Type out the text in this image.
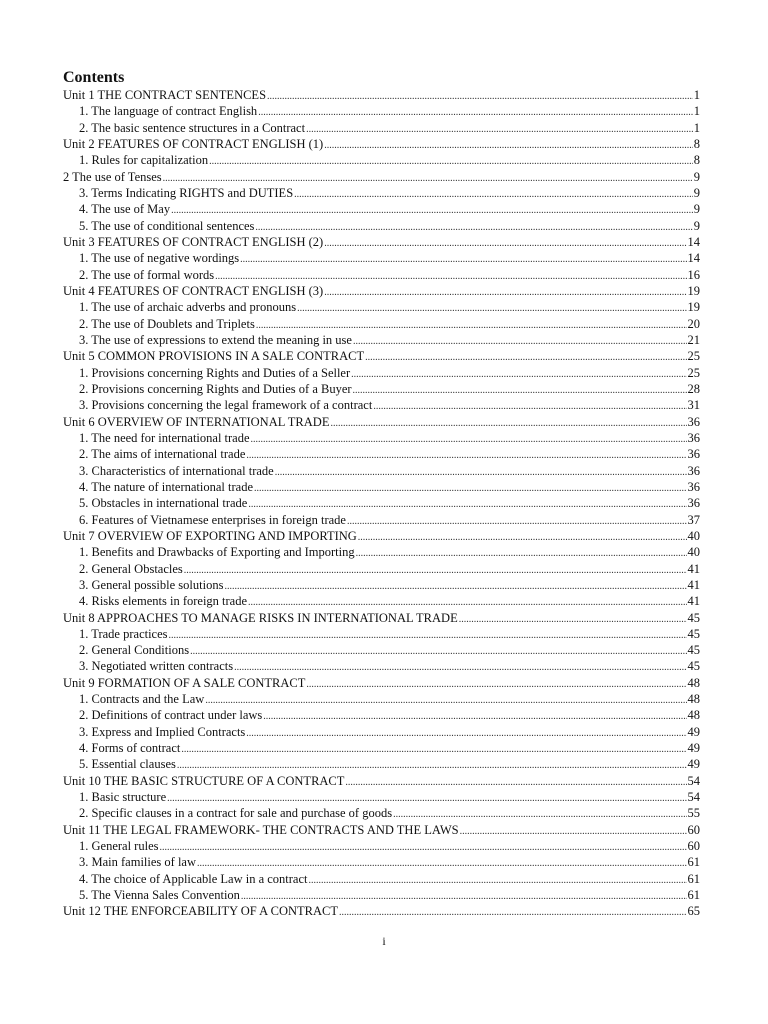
Contents
Unit 1 THE CONTRACT SENTENCES .....	1
1. The language of contract English .....	1
2. The basic sentence structures in a Contract .....	1
Unit 2 FEATURES OF CONTRACT ENGLISH (1) .....	8
1. Rules for capitalization .....	8
2 The use of Tenses .....	9
3. Terms Indicating RIGHTS and DUTIES .....	9
4. The use of May .....	9
5. The use of conditional sentences .....	9
Unit 3 FEATURES OF CONTRACT ENGLISH (2) .....	14
1. The use of negative wordings .....	14
2. The use of formal words .....	16
Unit 4 FEATURES OF CONTRACT ENGLISH (3) .....	19
1. The use of archaic adverbs and pronouns .....	19
2. The use of Doublets and Triplets .....	20
3. The use of expressions to extend the meaning in use .....	21
Unit 5 COMMON PROVISIONS IN A SALE CONTRACT .....	25
1. Provisions concerning Rights and Duties of a Seller .....	25
2. Provisions concerning Rights and Duties of a Buyer .....	28
3. Provisions concerning the legal framework of a contract .....	31
Unit 6 OVERVIEW OF INTERNATIONAL TRADE .....	36
1. The need for international trade .....	36
2. The aims of international trade .....	36
3. Characteristics of international trade .....	36
4. The nature of international trade .....	36
5. Obstacles in international trade .....	36
6. Features of Vietnamese enterprises in foreign trade .....	37
Unit 7 OVERVIEW OF EXPORTING AND IMPORTING .....	40
1. Benefits and Drawbacks of Exporting and Importing .....	40
2. General Obstacles .....	41
3. General possible solutions .....	41
4. Risks elements in foreign trade .....	41
Unit 8 APPROACHES TO MANAGE RISKS IN INTERNATIONAL TRADE .....	45
1. Trade practices .....	45
2. General Conditions .....	45
3. Negotiated written contracts .....	45
Unit 9 FORMATION OF A SALE CONTRACT .....	48
1. Contracts and the Law .....	48
2. Definitions of contract under laws .....	48
3. Express and Implied Contracts .....	49
4. Forms of contract .....	49
5. Essential clauses .....	49
Unit 10 THE BASIC STRUCTURE OF A CONTRACT .....	54
1. Basic structure .....	54
2. Specific clauses in a contract for sale and purchase of goods .....	55
Unit 11 THE LEGAL FRAMEWORK- THE CONTRACTS AND THE LAWS .....	60
1. General rules .....	60
3. Main families of law .....	61
4. The choice of Applicable Law in a contract .....	61
5. The Vienna Sales Convention .....	61
Unit 12 THE ENFORCEABILITY OF A CONTRACT .....	65
i
